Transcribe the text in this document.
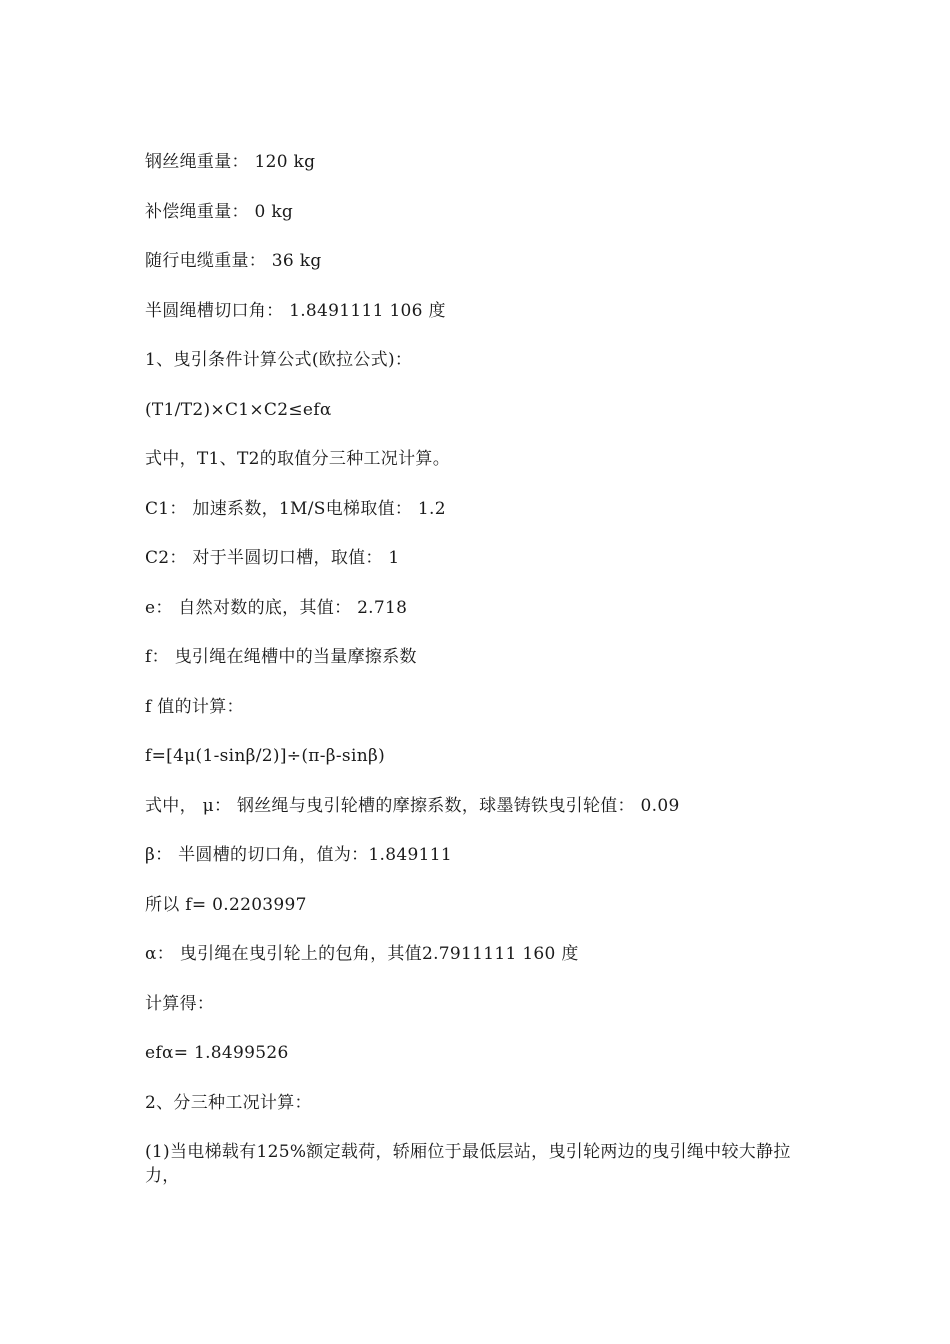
钢丝绳重量： 120 kg
补偿绳重量： 0 kg
随行电缆重量： 36 kg
半圆绳槽切口角： 1.8491111 106 度
1、曳引条件计算公式(欧拉公式)：
(T1/T2)×C1×C2≤efα
式中，T1、T2的取值分三种工况计算。
C1： 加速系数，1M/S电梯取值： 1.2
C2： 对于半圆切口槽，取值： 1
e： 自然对数的底，其值： 2.718
f： 曳引绳在绳槽中的当量摩擦系数
f 值的计算：
f=[4μ(1-sinβ/2)]÷(π-β-sinβ)
式中， μ： 钢丝绳与曳引轮槽的摩擦系数，球墨铸铁曳引轮值： 0.09
β： 半圆槽的切口角，值为：1.849111
所以 f= 0.2203997
α： 曳引绳在曳引轮上的包角，其值2.7911111 160 度
计算得：
efα= 1.8499526
2、分三种工况计算：
(1)当电梯载有125%额定载荷，轿厢位于最低层站，曳引轮两边的曳引绳中较大静拉力，
